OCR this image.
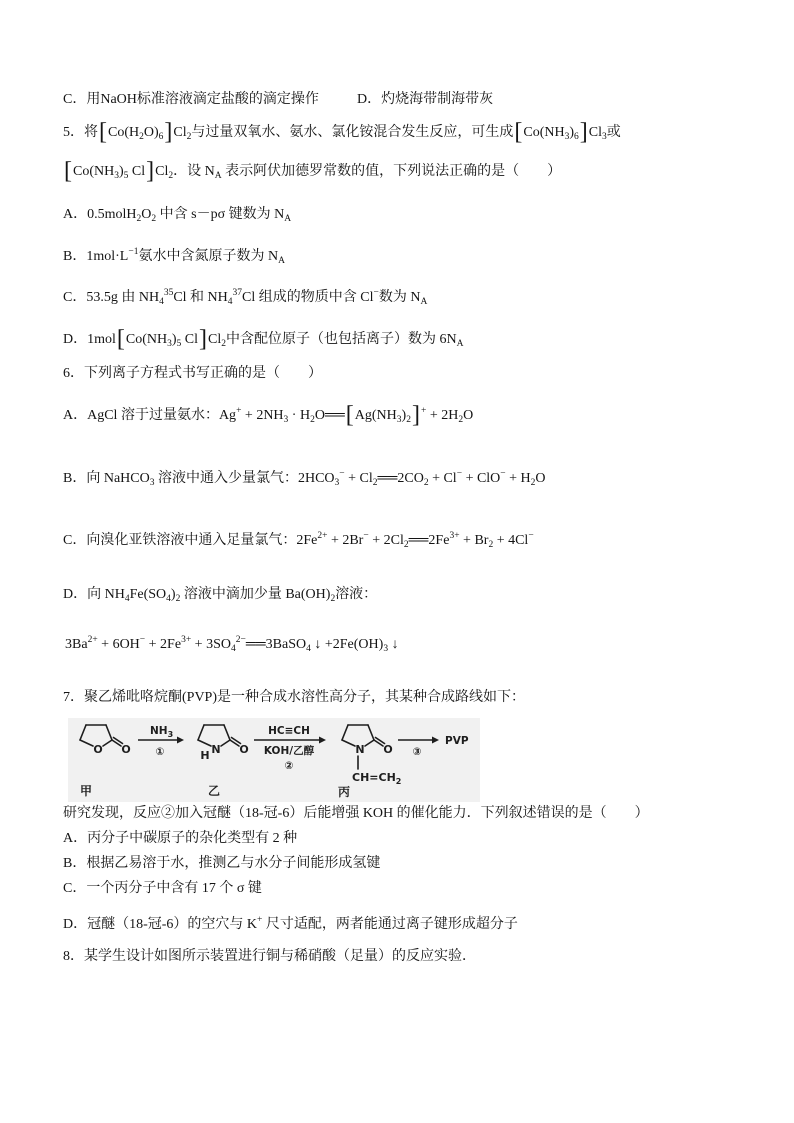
C．用NaOH标准溶液滴定盐酸的滴定操作	D．灼烧海带制海带灰
5．将$[Co(H_2O)_6]Cl_2$与过量双氧水、氨水、氯化铵混合发生反应，可生成$[Co(NH_3)_6]Cl_3$或
[$Co(NH_3)_5$ $Cl]Cl_2$．设 $N_A$ 表示阿伏加德罗常数的值，下列说法正确的是（　　）
A．$0.5molH_2O_2$ 中含 s－pσ 键数为 $N_A$
B．$1mol\cdot L^{-1}$氨水中含氮原子数为 $N_A$
C．53.5g 由 $NH_4^{35}Cl$ 和 $NH_4^{37}Cl$ 组成的物质中含 Cl−数为 $N_A$
D．$1mol[Co(NH_3)_5$ $Cl]Cl_2$中含配位原子（也包括离子）数为 $6N_A$
6．下列离子方程式书写正确的是（　　）
A．AgCl 溶于过量氨水：$Ag^+ + 2NH_3$ · $H_2O══[Ag(NH_3)_2]^+ + 2H_2O$
B．向 NaHCO$_3$ 溶液中通入少量氯气：$2HCO_3^-$ + $Cl_2══2CO_2 + Cl^- + ClO^- + H_2O$
C．向溴化亚铁溶液中通入足量氯气：$2Fe^{2+} + 2Br^-$ + $2Cl_2══2Fe^{3+} + Br_2 + 4Cl^-$
D．向 $NH_4Fe(SO_4)_2$ 溶液中滴加少量 $Ba(OH)_2$溶液：
$3Ba^{2+} + 6OH^- + 2Fe^{3+}$ + $3SO_4^{2-}══3BaSO_4$ ↓ $+2Fe(OH)_3$ ↓
7．聚乙烯吡咯烷酮(PVP)是一种合成水溶性高分子，其某种合成路线如下：
O O
甲
$NH_3$
①	N
H	O
乙
HC≡CH
KOH/乙醇
②
N O
$CH=CH_2$
丙
③
PVP
研究发现，反应②加入冠醚（18-冠-6）后能增强 KOH 的催化能力．下列叙述错误的是（　　）
A．丙分子中碳原子的杂化类型有 2 种
B．根据乙易溶于水，推测乙与水分子间能形成氢键
C．一个丙分子中含有 17 个 σ 键
D．冠醚（18-冠-6）的空穴与 K+ 尺寸适配，两者能通过离子键形成超分子
8．某学生设计如图所示装置进行铜与稀硝酸（足量）的反应实验．
